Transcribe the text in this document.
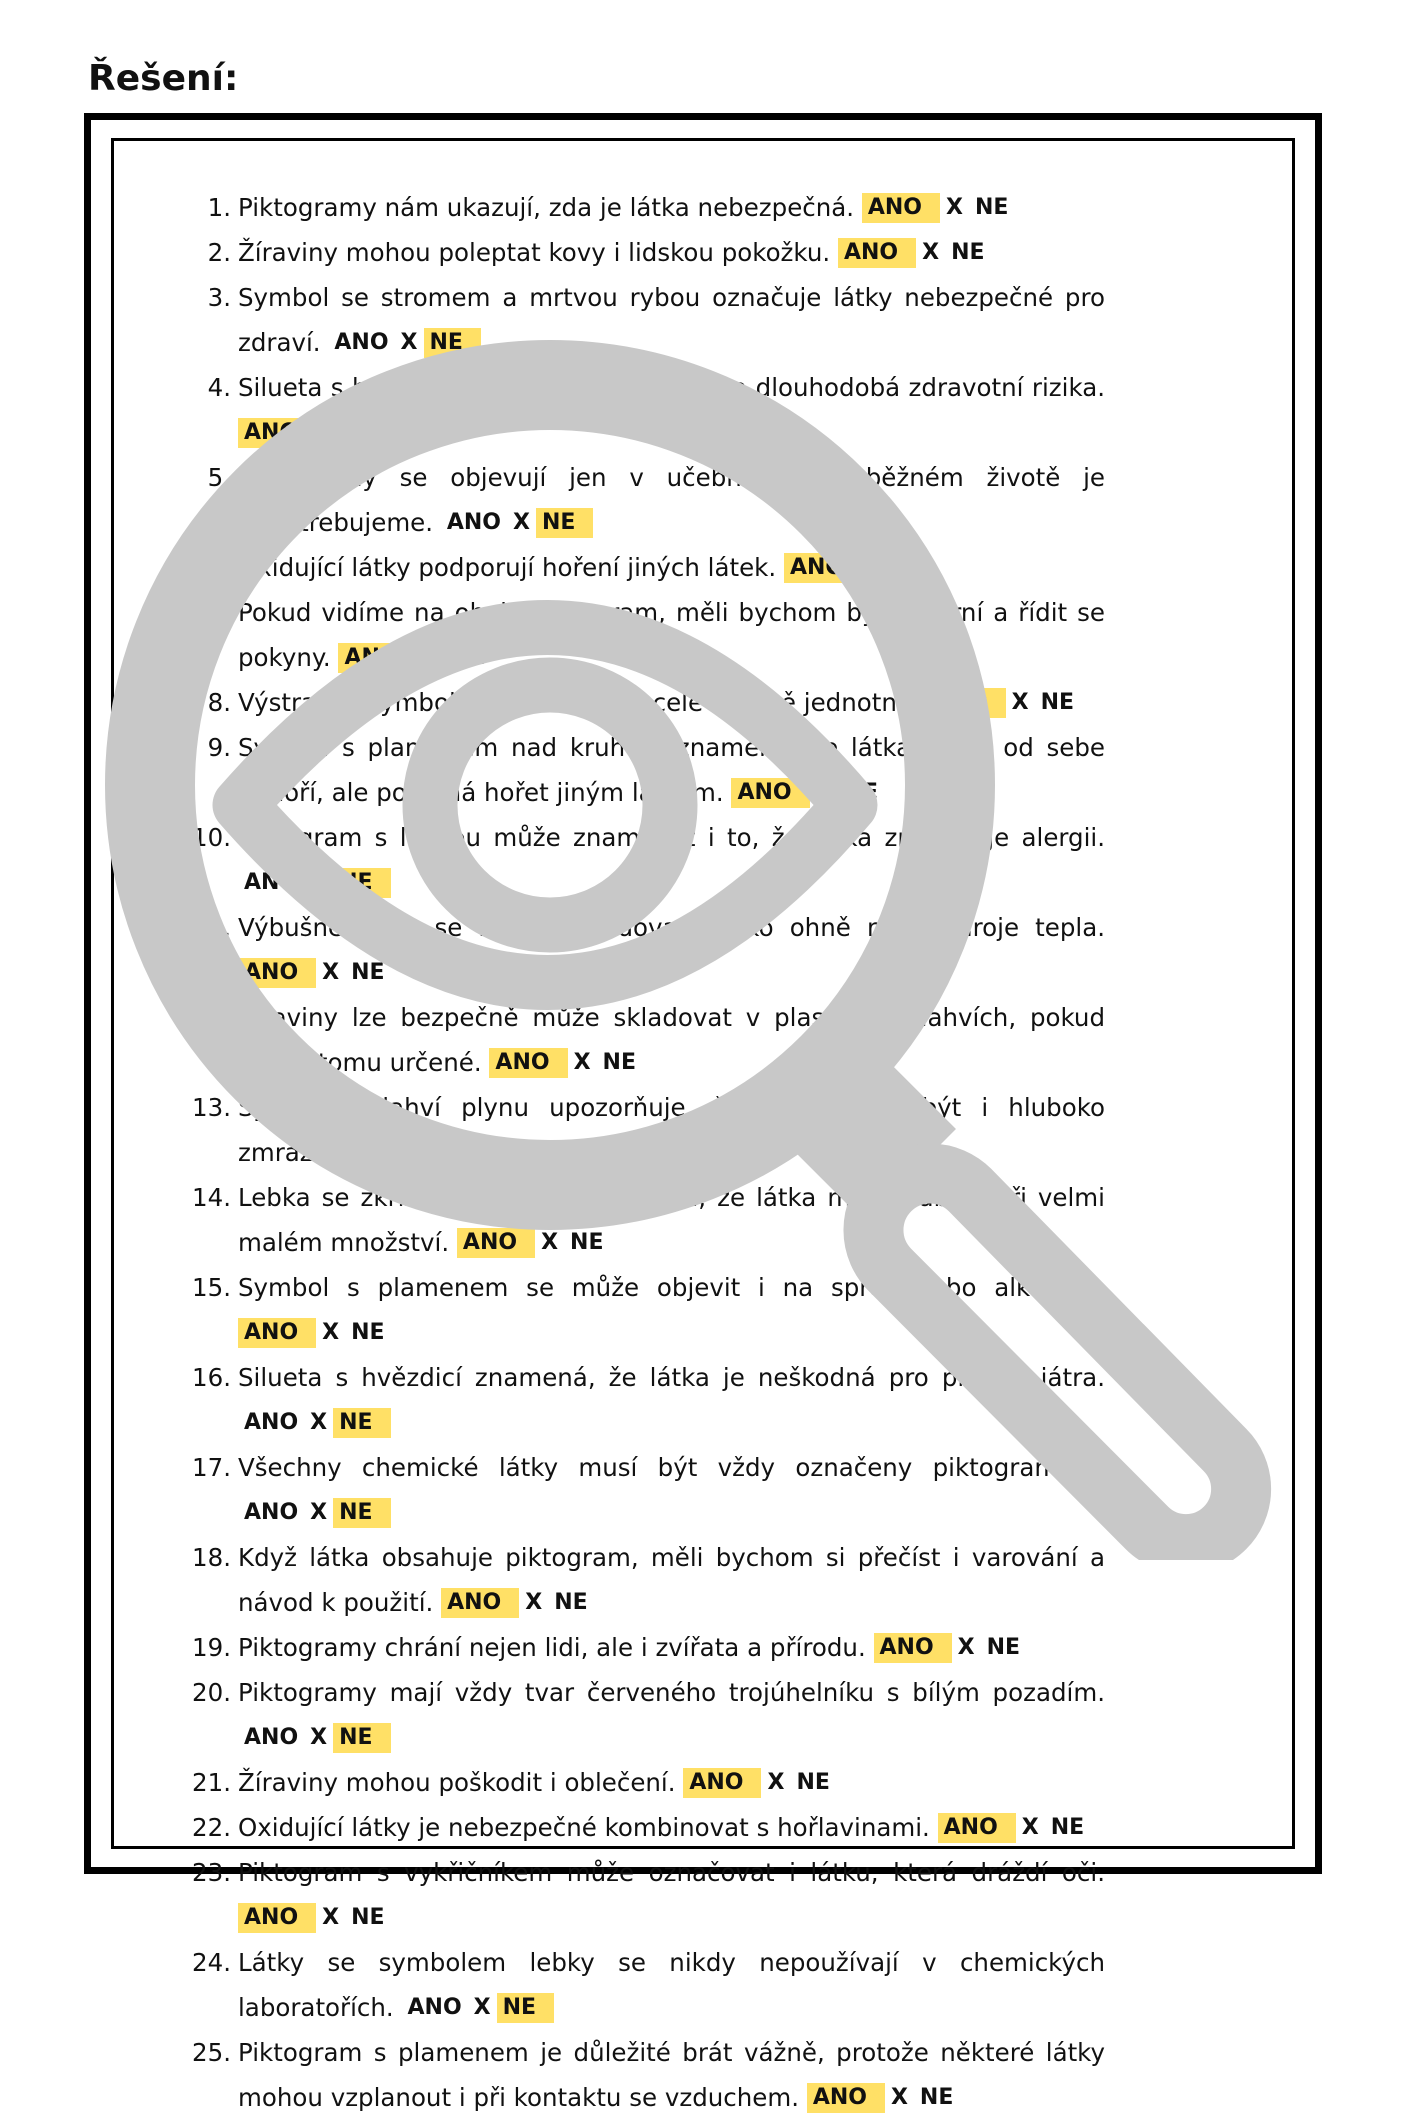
Řešení:
1. Piktogramy nám ukazují, zda je látka nebezpečná. ANO X NE
2. Žíraviny mohou poleptat kovy i lidskou pokožku. ANO X NE
3. Symbol se stromem a mrtvou rybou označuje látky nebezpečné pro zdraví. ANO X NE
4. Silueta s hvězdicí na hrudi upozorňuje na dlouhodobá zdravotní rizika. ANO X NE
5. Piktogramy se objevují jen v učebnicích, v běžném životě je nepotřebujeme. ANO X NE
6. Oxidující látky podporují hoření jiných látek. ANO X NE
7. Pokud vidíme na obalu piktogram, měli bychom být opatrní a řídit se pokyny. ANO X NE
8. Výstražné symboly se používají v celé Evropě jednotně. ANO X NE
9. Symbol s plamenem nad kruhem znamená, že látka sama od sebe nehoří, ale pomáhá hořet jiným látkám. ANO X NE
10. Piktogram s lebkou může znamenat i to, že látka způsobuje alergii. ANO X NE
11. Výbušné látky se nesmí skladovat blízko ohně nebo zdroje tepla. ANO X NE
12. Žíraviny lze bezpečně může skladovat v plastových lahvích, pokud jsou k tomu určené. ANO X NE
13. Symbol s lahví plynu upozorňuje, že plyn může být i hluboko zmrazený a způsobit omrzliny. ANO X NE
14. Lebka se zkříženými hnáty znamená, že látka může zabít i při velmi malém množství. ANO X NE
15. Symbol s plamenem se může objevit i na spreji nebo alkoholu. ANO X NE
16. Silueta s hvězdicí znamená, že látka je neškodná pro plíce a játra. ANO X NE
17. Všechny chemické látky musí být vždy označeny piktogramem. ANO X NE
18. Když látka obsahuje piktogram, měli bychom si přečíst i varování a návod k použití. ANO X NE
19. Piktogramy chrání nejen lidi, ale i zvířata a přírodu. ANO X NE
20. Piktogramy mají vždy tvar červeného trojúhelníku s bílým pozadím. ANO X NE
21. Žíraviny mohou poškodit i oblečení. ANO X NE
22. Oxidující látky je nebezpečné kombinovat s hořlavinami. ANO X NE
23. Piktogram s vykřičníkem může označovat i látku, která dráždí oči. ANO X NE
24. Látky se symbolem lebky se nikdy nepoužívají v chemických laboratořích. ANO X NE
25. Piktogram s plamenem je důležité brát vážně, protože některé látky mohou vzplanout i při kontaktu se vzduchem. ANO X NE
